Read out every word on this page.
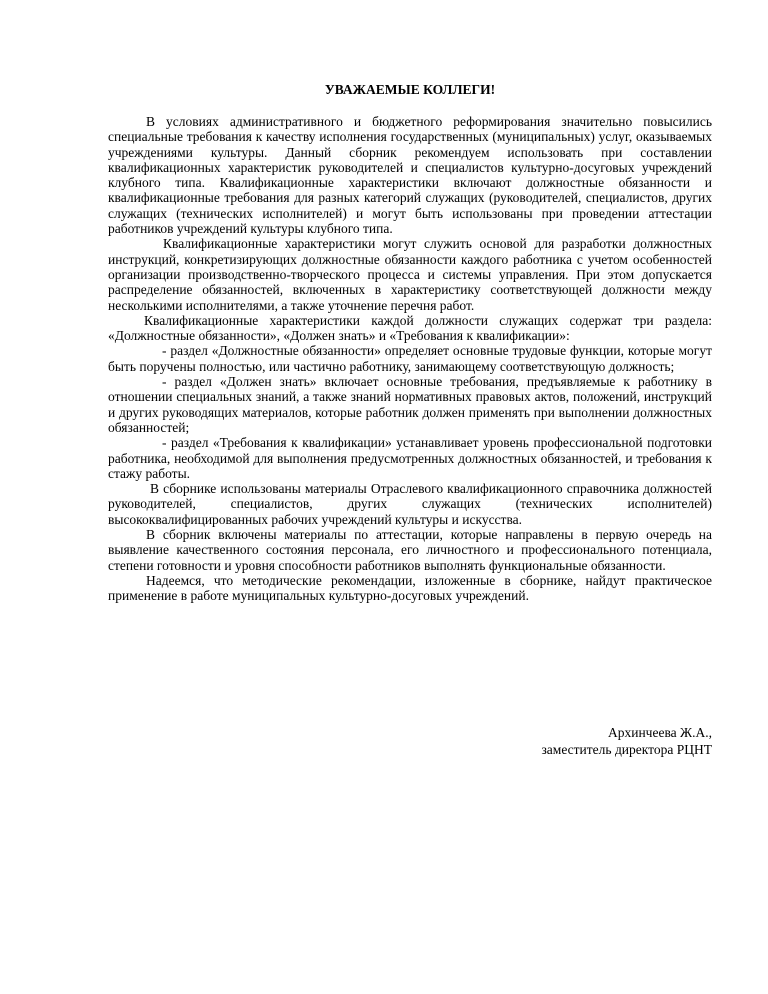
УВАЖАЕМЫЕ КОЛЛЕГИ!

В условиях административного и бюджетного реформирования значительно повысились специальные требования к качеству исполнения государственных (муниципальных) услуг, оказываемых учреждениями культуры. Данный сборник рекомендуем использовать при составлении квалификационных характеристик руководителей и специалистов культурно-досуговых учреждений клубного типа. Квалификационные характеристики включают должностные обязанности и квалификационные требования для разных категорий служащих (руководителей, специалистов, других служащих (технических исполнителей) и могут быть использованы при проведении аттестации работников учреждений культуры клубного типа.

Квалификационные характеристики могут служить основой для разработки должностных инструкций, конкретизирующих должностные обязанности каждого работника с учетом особенностей организации производственно-творческого процесса и системы управления. При этом допускается распределение обязанностей, включенных в характеристику соответствующей должности между несколькими исполнителями, а также уточнение перечня работ.

Квалификационные характеристики каждой должности служащих содержат три раздела: «Должностные обязанности», «Должен знать» и «Требования к квалификации»:

- раздел «Должностные обязанности» определяет основные трудовые функции, которые могут быть поручены полностью, или частично работнику, занимающему соответствующую должность;

- раздел «Должен знать» включает основные требования, предъявляемые к работнику в отношении специальных знаний, а также знаний нормативных правовых актов, положений, инструкций и других руководящих материалов, которые работник должен применять при выполнении должностных обязанностей;

- раздел «Требования к квалификации» устанавливает уровень профессиональной подготовки работника, необходимой для выполнения предусмотренных должностных обязанностей, и требования к стажу работы.

В сборнике использованы материалы Отраслевого квалификационного справочника должностей руководителей, специалистов, других служащих (технических исполнителей) высококвалифицированных рабочих учреждений культуры и искусства.

В сборник включены материалы по аттестации, которые направлены в первую очередь на выявление качественного состояния персонала, его личностного и профессионального потенциала, степени готовности и уровня способности работников выполнять функциональные обязанности.

Надеемся, что методические рекомендации, изложенные в сборнике, найдут практическое применение в работе муниципальных культурно-досуговых учреждений.

Архинчеева Ж.А.,
заместитель директора РЦНТ
